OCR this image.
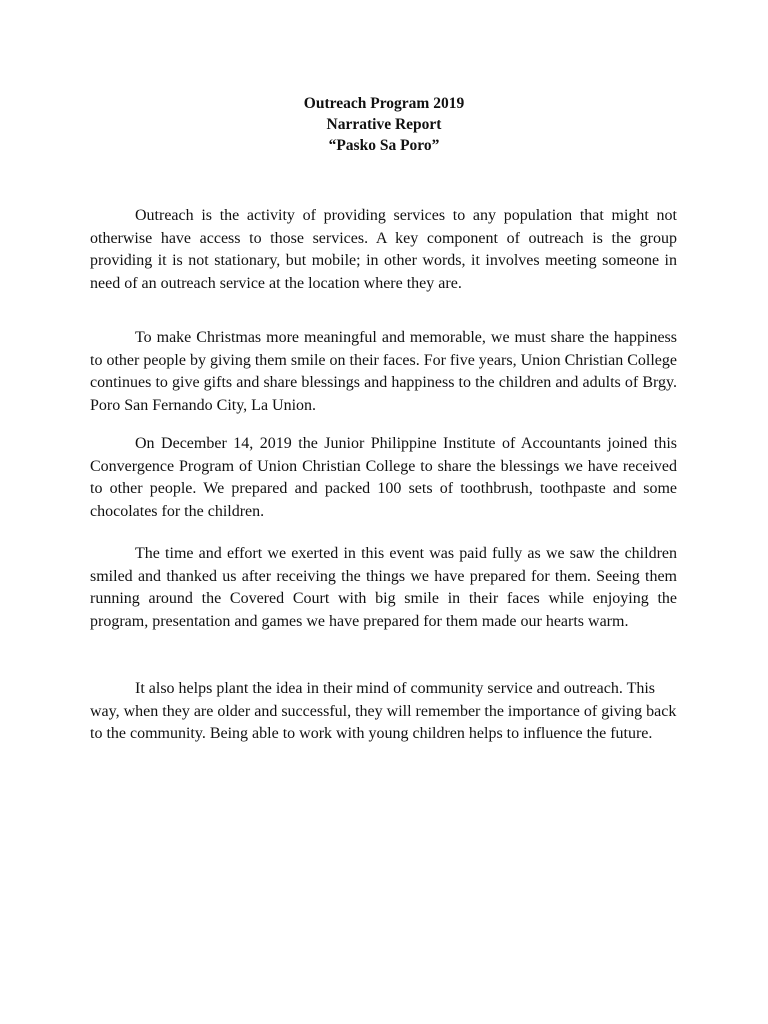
Outreach Program 2019
Narrative Report
“Pasko Sa Poro”

Outreach is the activity of providing services to any population that might not otherwise have access to those services. A key component of outreach is the group providing it is not stationary, but mobile; in other words, it involves meeting someone in need of an outreach service at the location where they are.

To make Christmas more meaningful and memorable, we must share the happiness to other people by giving them smile on their faces. For five years, Union Christian College continues to give gifts and share blessings and happiness to the children and adults of Brgy. Poro San Fernando City, La Union.

On December 14, 2019 the Junior Philippine Institute of Accountants joined this Convergence Program of Union Christian College to share the blessings we have received to other people. We prepared and packed 100 sets of toothbrush, toothpaste and some chocolates for the children.

The time and effort we exerted in this event was paid fully as we saw the children smiled and thanked us after receiving the things we have prepared for them. Seeing them running around the Covered Court with big smile in their faces while enjoying the program, presentation and games we have prepared for them made our hearts warm.

It also helps plant the idea in their mind of community service and outreach. This way, when they are older and successful, they will remember the importance of giving back to the community. Being able to work with young children helps to influence the future.
